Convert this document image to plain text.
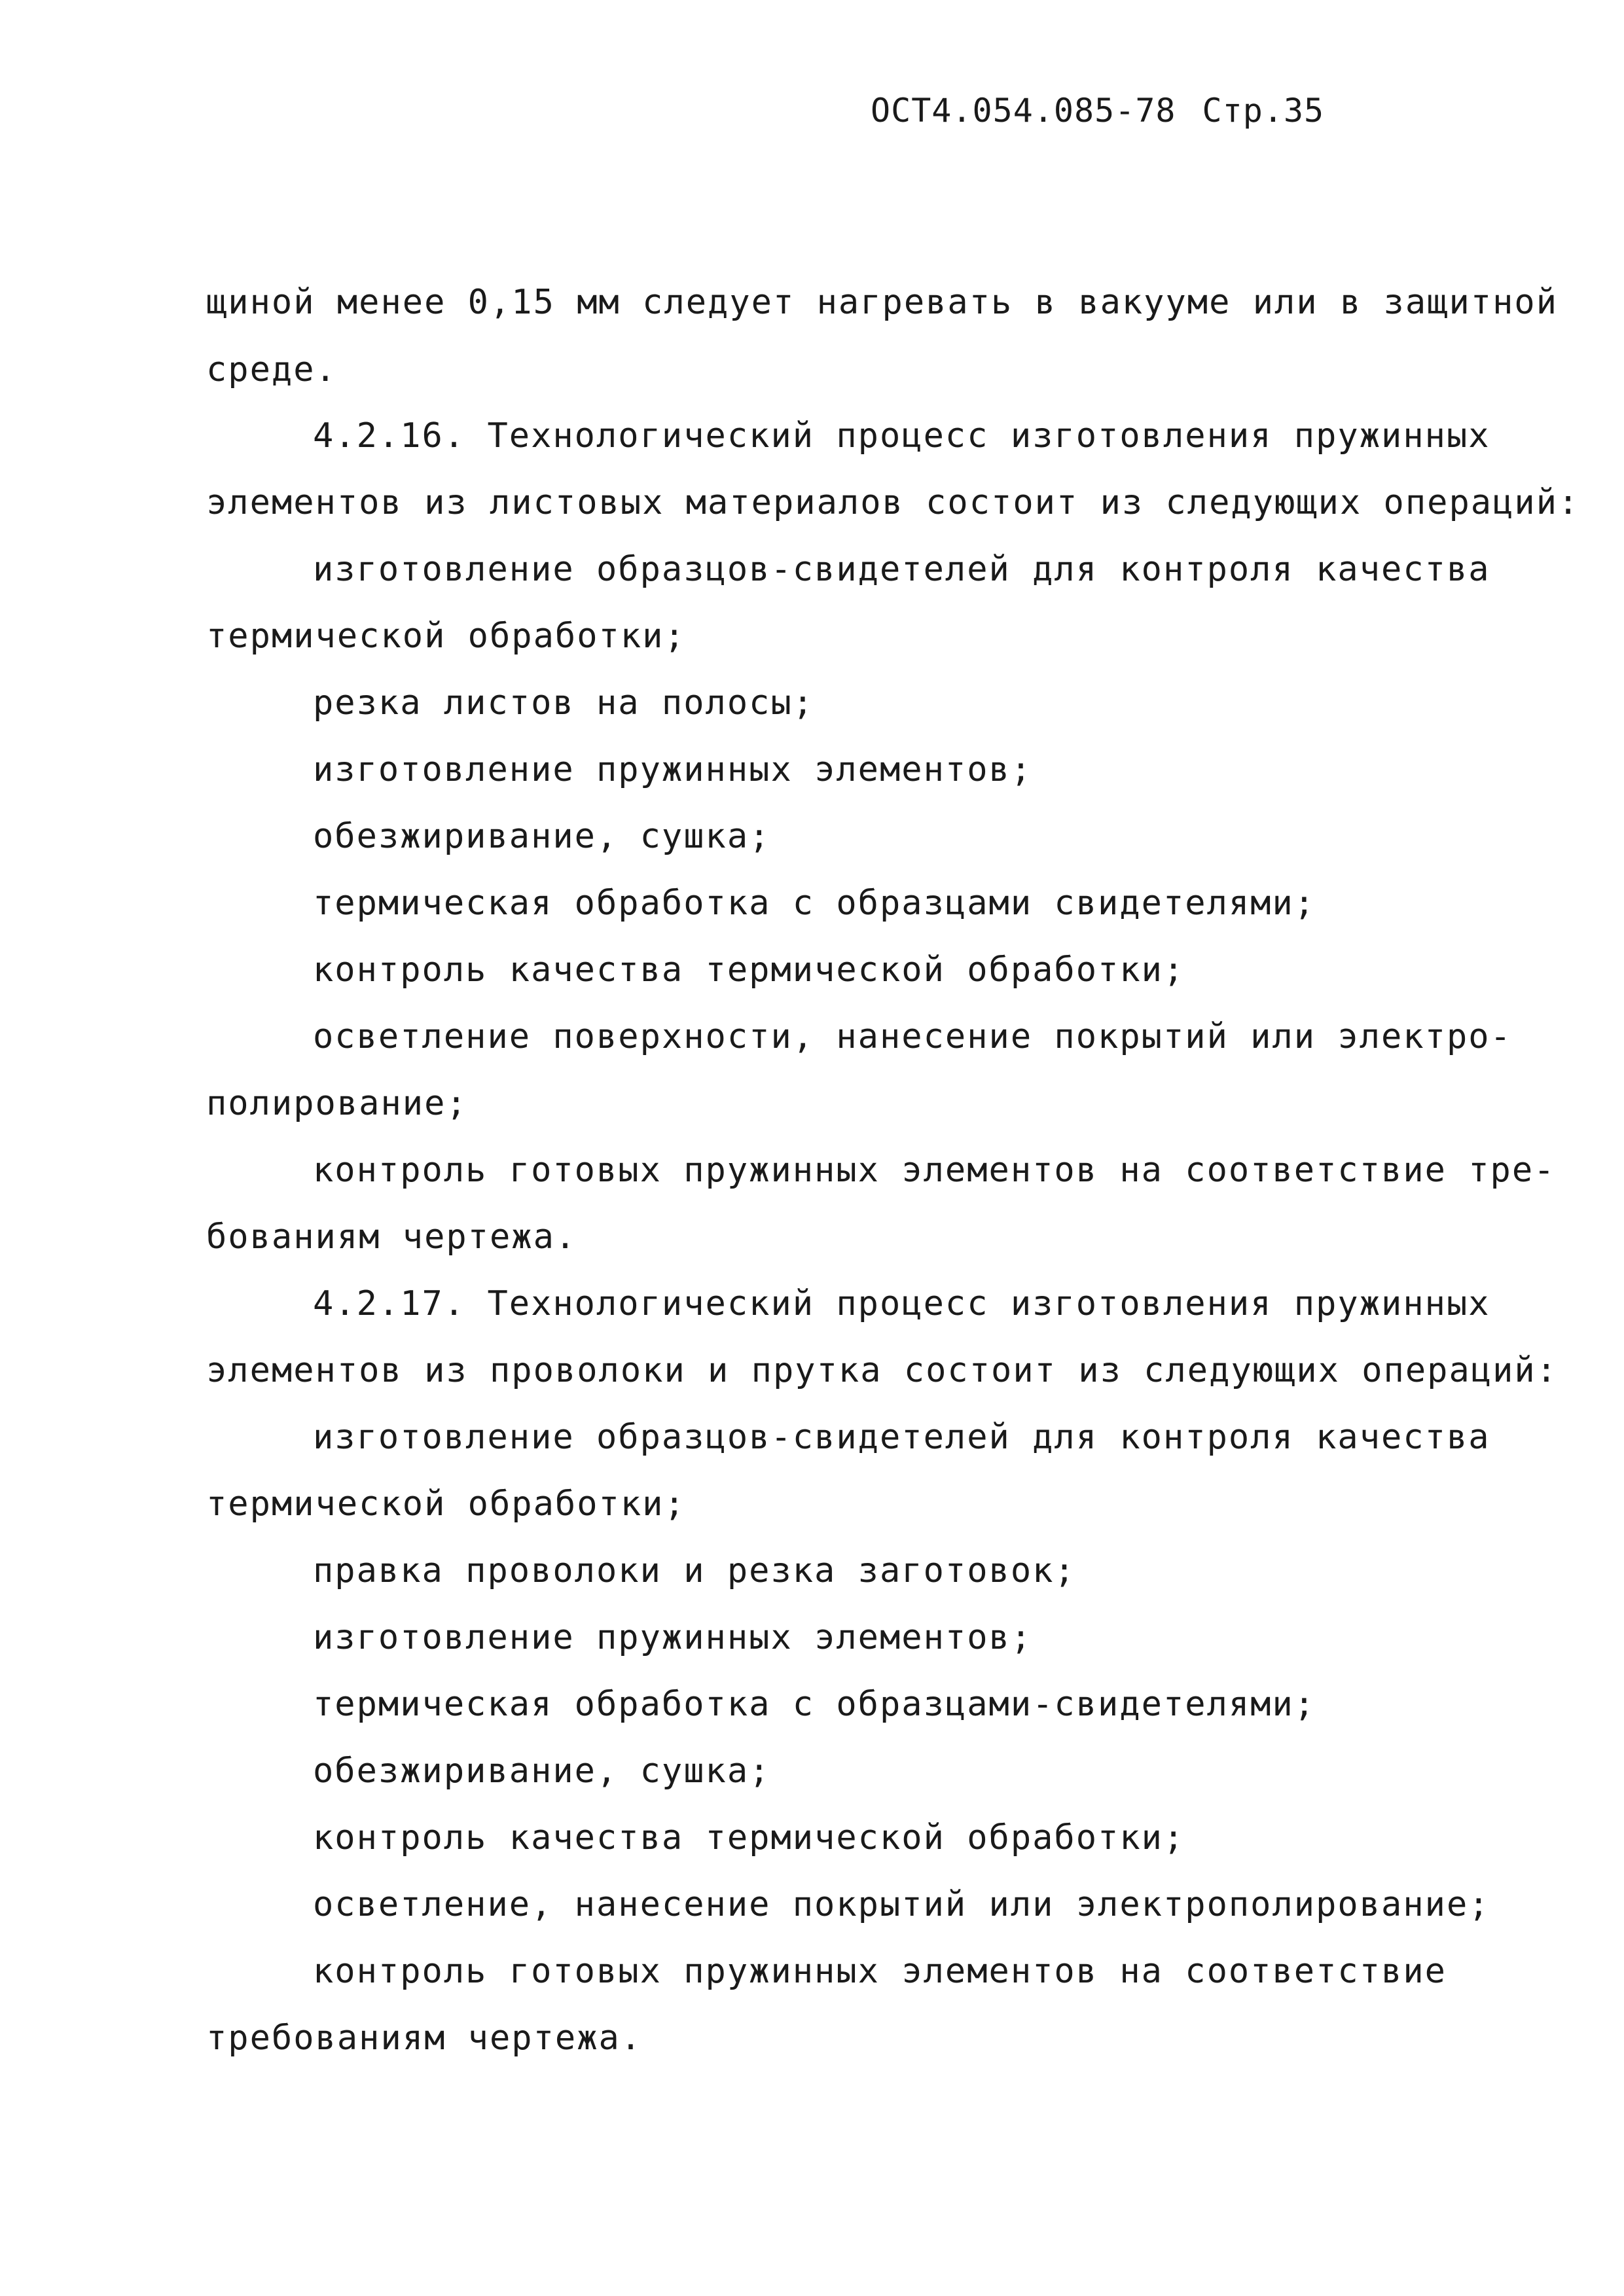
ОСТ4.054.085-78 Стр.35
щиной менее 0,15 мм следует нагревать в вакууме или в защитной
среде.
4.2.16. Технологический процесс изготовления пружинных
элементов из листовых материалов состоит из следующих операций:
изготовление образцов-свидетелей для контроля качества
термической обработки;
резка листов на полосы;
изготовление пружинных элементов;
обезжиривание, сушка;
термическая обработка с образцами свидетелями;
контроль качества термической обработки;
осветление поверхности, нанесение покрытий или электро-
полирование;
контроль готовых пружинных элементов на соответствие тре-
бованиям чертежа.
4.2.17. Технологический процесс изготовления пружинных
элементов из проволоки и прутка состоит из следующих операций:
изготовление образцов-свидетелей для контроля качества
термической обработки;
правка проволоки и резка заготовок;
изготовление пружинных элементов;
термическая обработка с образцами-свидетелями;
обезжиривание, сушка;
контроль качества термической обработки;
осветление, нанесение покрытий или электрополирование;
контроль готовых пружинных элементов на соответствие
требованиям чертежа.
